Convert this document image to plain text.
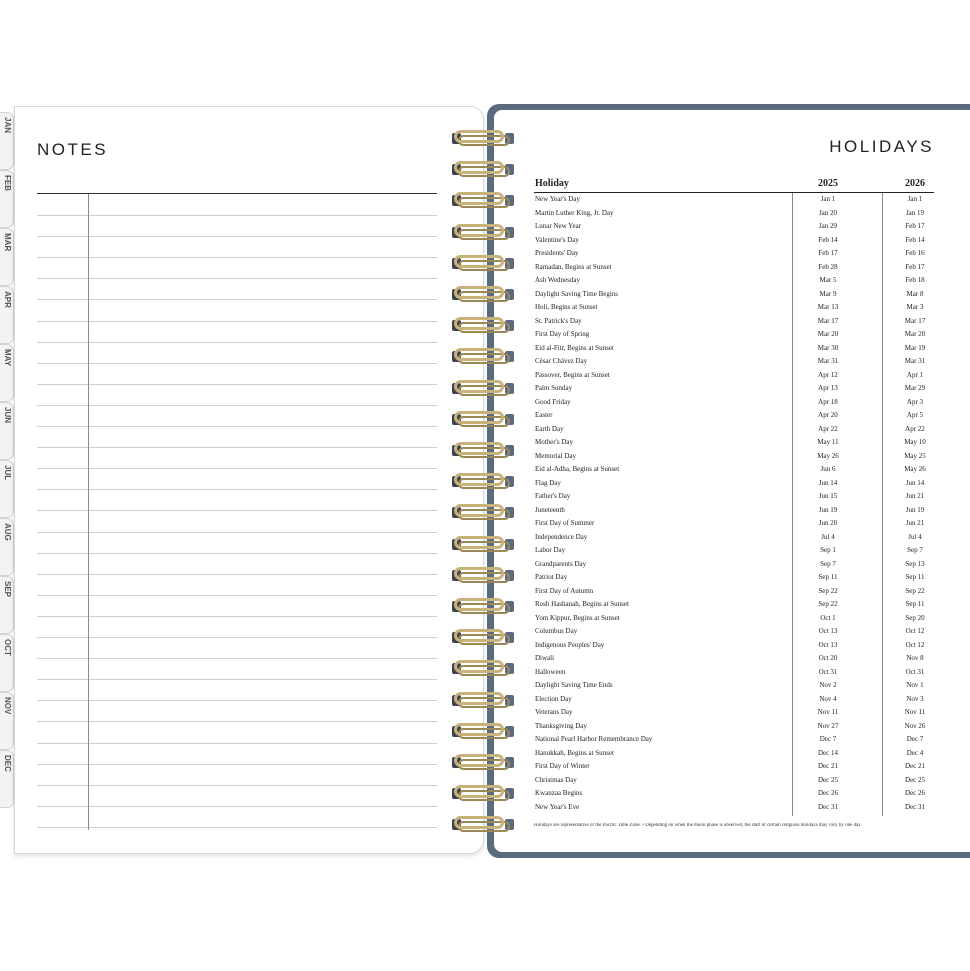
JAN
FEB
MAR
APR
MAY
JUN
JUL
AUG
SEP
OCT
NOV
DEC
NOTES	HOLIDAYS
Holiday	2025	2026
New Year's Day	Jan 1	Jan 1
Martin Luther King, Jr. Day	Jan 20	Jan 19
Lunar New Year	Jan 29	Feb 17
Valentine's Day	Feb 14	Feb 14
Presidents' Day	Feb 17	Feb 16
Ramadan, Begins at Sunset	Feb 28	Feb 17
Ash Wednesday	Mar 5	Feb 18
Daylight Saving Time Begins	Mar 9	Mar 8
Holi, Begins at Sunset	Mar 13	Mar 3
St. Patrick's Day	Mar 17	Mar 17
First Day of Spring	Mar 20	Mar 20
Eid al-Fitr, Begins at Sunset	Mar 30	Mar 19
César Chávez Day	Mar 31	Mar 31
Passover, Begins at Sunset	Apr 12	Apr 1
Palm Sunday	Apr 13	Mar 29
Good Friday	Apr 18	Apr 3
Easter	Apr 20	Apr 5
Earth Day	Apr 22	Apr 22
Mother's Day	May 11	May 10
Memorial Day	May 26	May 25
Eid al-Adha, Begins at Sunset	Jun 6	May 26
Flag Day	Jun 14	Jun 14
Father's Day	Jun 15	Jun 21
Juneteenth	Jun 19	Jun 19
First Day of Summer	Jun 20	Jun 21
Independence Day	Jul 4	Jul 4
Labor Day	Sep 1	Sep 7
Grandparents Day	Sep 7	Sep 13
Patriot Day	Sep 11	Sep 11
First Day of Autumn	Sep 22	Sep 22
Rosh Hashanah, Begins at Sunset	Sep 22	Sep 11
Yom Kippur, Begins at Sunset	Oct 1	Sep 20
Columbus Day	Oct 13	Oct 12
Indigenous Peoples' Day	Oct 13	Oct 12
Diwali	Oct 20	Nov 8
Halloween	Oct 31	Oct 31
Daylight Saving Time Ends	Nov 2	Nov 1
Election Day	Nov 4	Nov 3
Veterans Day	Nov 11	Nov 11
Thanksgiving Day	Nov 27	Nov 26
National Pearl Harbor Remembrance Day	Dec 7	Dec 7
Hanukkah, Begins at Sunset	Dec 14	Dec 4
First Day of Winter	Dec 21	Dec 21
Christmas Day	Dec 25	Dec 25
Kwanzaa Begins	Dec 26	Dec 26
New Year's Eve	Dec 31	Dec 31
Holidays are representative of the Pacific Time Zone. • Depending on when the moon phase is observed, the start of certain religious holidays may vary by one day.
